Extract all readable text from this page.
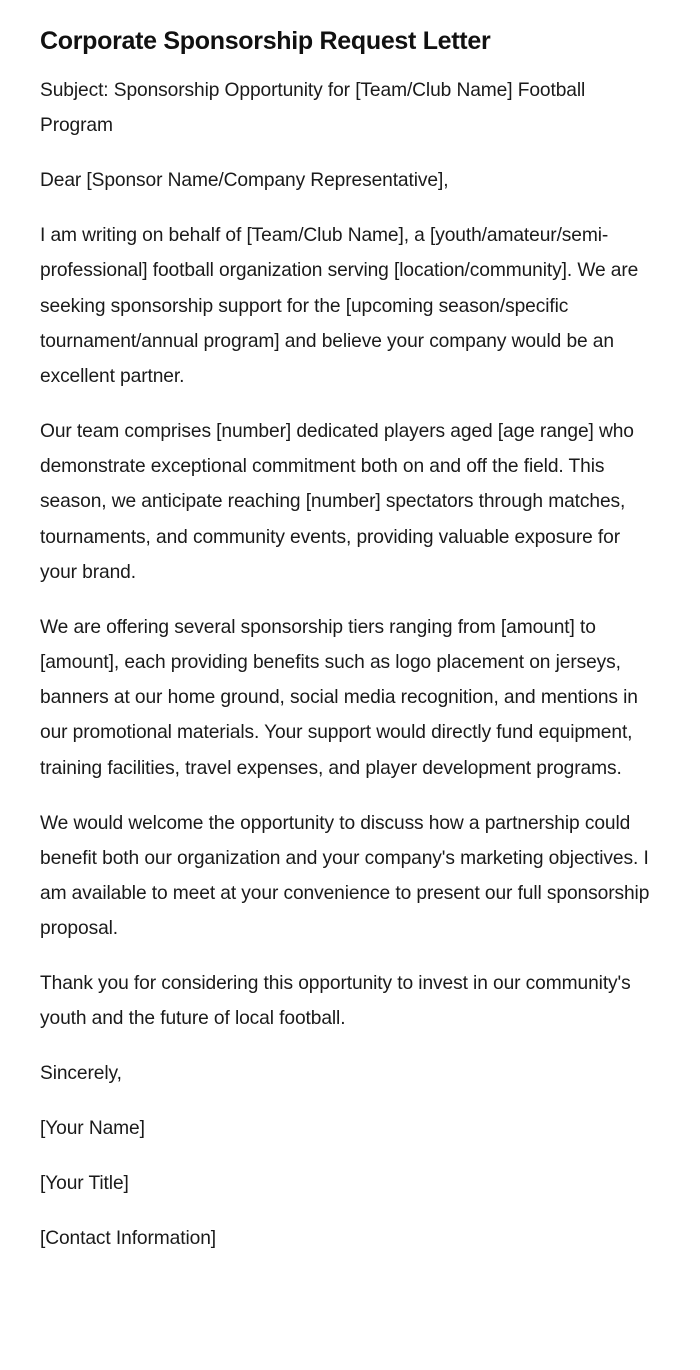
Corporate Sponsorship Request Letter

Subject: Sponsorship Opportunity for [Team/Club Name] Football Program

Dear [Sponsor Name/Company Representative],

I am writing on behalf of [Team/Club Name], a [youth/amateur/semi-professional] football organization serving [location/community]. We are seeking sponsorship support for the [upcoming season/specific tournament/annual program] and believe your company would be an excellent partner.

Our team comprises [number] dedicated players aged [age range] who demonstrate exceptional commitment both on and off the field. This season, we anticipate reaching [number] spectators through matches, tournaments, and community events, providing valuable exposure for your brand.

We are offering several sponsorship tiers ranging from [amount] to [amount], each providing benefits such as logo placement on jerseys, banners at our home ground, social media recognition, and mentions in our promotional materials. Your support would directly fund equipment, training facilities, travel expenses, and player development programs.

We would welcome the opportunity to discuss how a partnership could benefit both our organization and your company's marketing objectives. I am available to meet at your convenience to present our full sponsorship proposal.

Thank you for considering this opportunity to invest in our community's youth and the future of local football.

Sincerely,

[Your Name]

[Your Title]

[Contact Information]
